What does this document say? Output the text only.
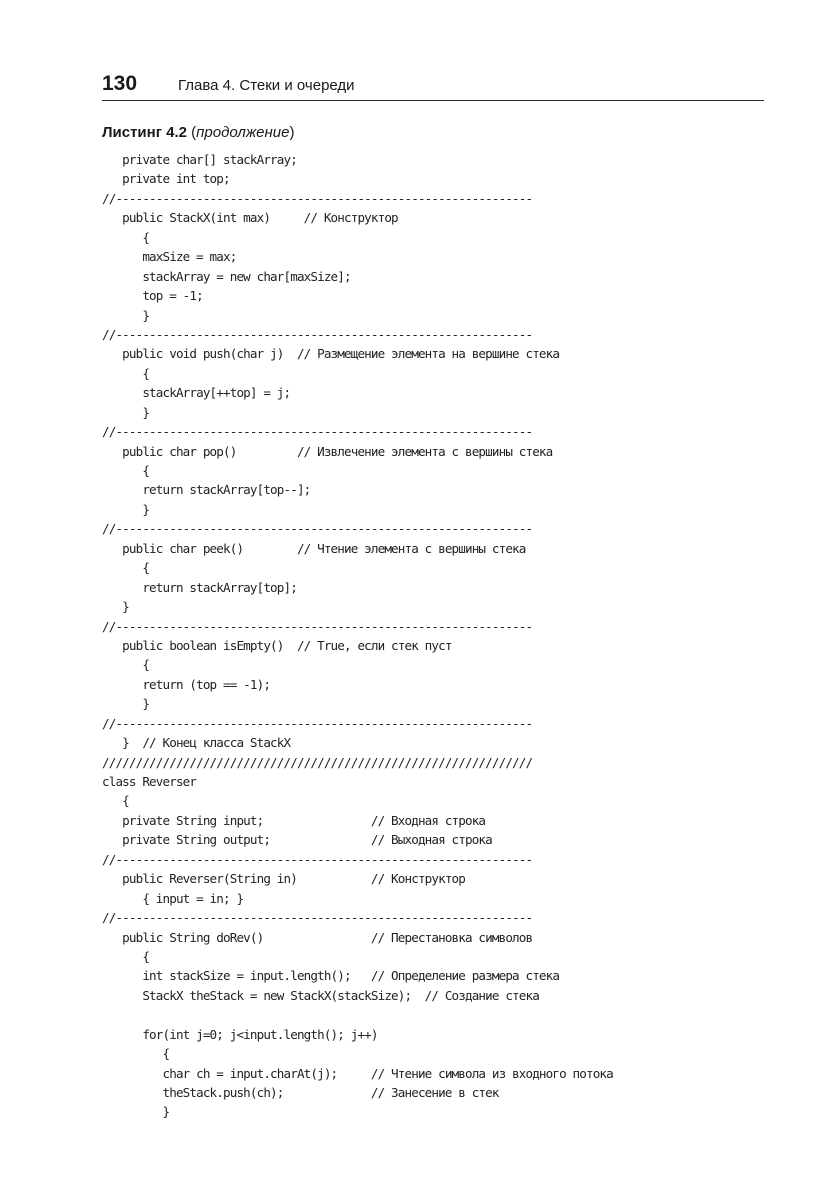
130	Глава 4. Стеки и очереди
Листинг 4.2 (продолжение)
private char[] stackArray;
private int top;
//--------------------------------------------------------------
public StackX(int max)     // Конструктор
{
maxSize = max;
stackArray = new char[maxSize];
top = -1;
}
//--------------------------------------------------------------
public void push(char j)  // Размещение элемента на вершине стека
{
stackArray[++top] = j;
}
//--------------------------------------------------------------
public char pop()         // Извлечение элемента с вершины стека
{
return stackArray[top--];
}
//--------------------------------------------------------------
public char peek()        // Чтение элемента с вершины стека
{
return stackArray[top];
}
//--------------------------------------------------------------
public boolean isEmpty()  // True, если стек пуст
{
return (top == -1);
}
//--------------------------------------------------------------
}  // Конец класса StackX
////////////////////////////////////////////////////////////////
class Reverser
{
private String input;                // Входная строка
private String output;               // Выходная строка
//--------------------------------------------------------------
public Reverser(String in)           // Конструктор
{ input = in; }
//--------------------------------------------------------------
public String doRev()                // Перестановка символов
{
int stackSize = input.length();   // Определение размера стека
StackX theStack = new StackX(stackSize);  // Создание стека
for(int j=0; j<input.length(); j++)
{
char ch = input.charAt(j);     // Чтение символа из входного потока
theStack.push(ch);             // Занесение в стек
}
